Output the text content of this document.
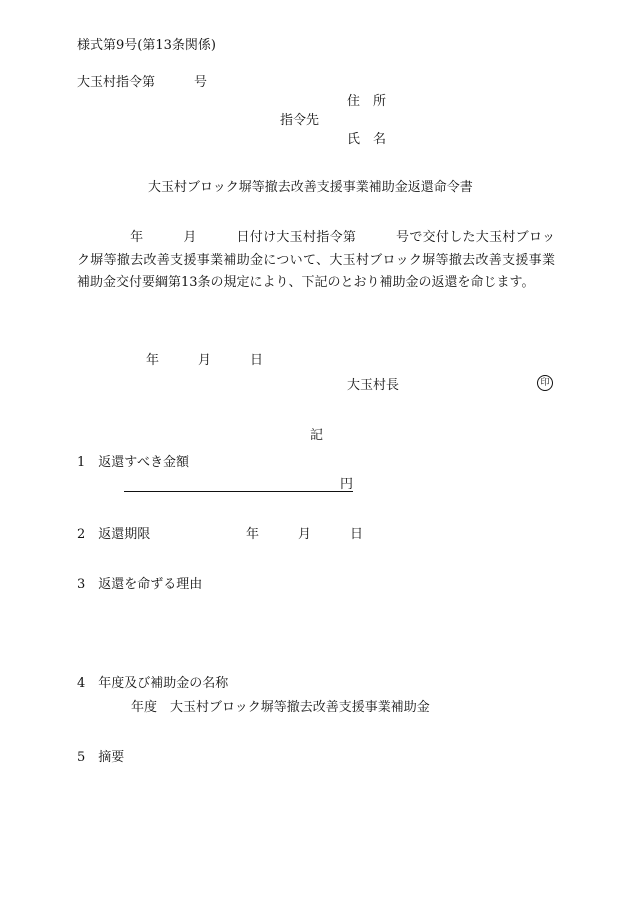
様式第9号(第13条関係)
大玉村指令第　　　号
住　所
指令先
氏　名
大玉村ブロック塀等撤去改善支援事業補助金返還命令書
　　　　年　　　月　　　日付け大玉村指令第　　　号で交付した大玉村ブロック塀等撤去改善支援事業補助金について、大玉村ブロック塀等撤去改善支援事業補助金交付要綱第13条の規定により、下記のとおり補助金の返還を命じます。
年　　　月　　　日
大玉村長	印
記
1　返還すべき金額
円
2　返還期限	年　　　月　　　日
3　返還を命ずる理由
4　年度及び補助金の名称
年度　大玉村ブロック塀等撤去改善支援事業補助金
5　摘要
